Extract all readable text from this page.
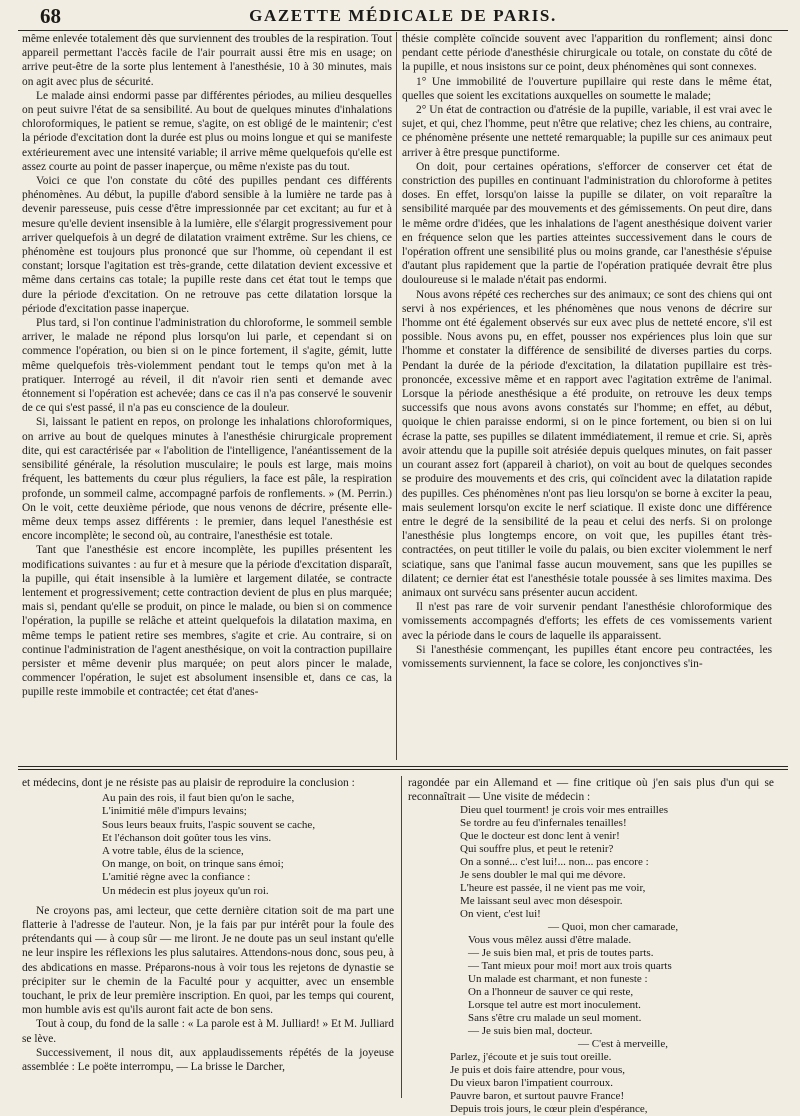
68	GAZETTE MÉDICALE DE PARIS.

même enlevée totalement dès que surviennent des troubles de la respiration. Tout appareil permettant l'accès facile de l'air pourrait aussi être mis en usage; on arrive peut-être de la sorte plus lentement à l'anesthésie, 10 à 30 minutes, mais on agit avec plus de sécurité.

Le malade ainsi endormi passe par différentes périodes, au milieu desquelles on peut suivre l'état de sa sensibilité. Au bout de quelques minutes d'inhalations chloroformiques, le patient se remue, s'agite, on est obligé de le maintenir; c'est la période d'excitation dont la durée est plus ou moins longue et qui se manifeste extérieurement avec une intensité variable; il arrive même quelquefois qu'elle est assez courte au point de passer inaperçue, ou même n'existe pas du tout.

Voici ce que l'on constate du côté des pupilles pendant ces différents phénomènes. Au début, la pupille d'abord sensible à la lumière ne tarde pas à devenir paresseuse, puis cesse d'être impressionnée par cet excitant; au fur et à mesure qu'elle devient insensible à la lumière, elle s'élargit progressivement pour arriver quelquefois à un degré de dilatation vraiment extrême. Sur les chiens, ce phénomène est toujours plus prononcé que sur l'homme, où cependant il est constant; lorsque l'agitation est très-grande, cette dilatation devient excessive et même dans certains cas totale; la pupille reste dans cet état tout le temps que dure la période d'excitation. On ne retrouve pas cette dilatation lorsque la période d'excitation passe inaperçue.

Plus tard, si l'on continue l'administration du chloroforme, le sommeil semble arriver, le malade ne répond plus lorsqu'on lui parle, et cependant si on commence l'opération, ou bien si on le pince fortement, il s'agite, gémit, lutte même quelquefois très-violemment pendant tout le temps qu'on met à la pratiquer. Interrogé au réveil, il dit n'avoir rien senti et demande avec étonnement si l'opération est achevée; dans ce cas il n'a pas conservé le souvenir de ce qui s'est passé, il n'a pas eu conscience de la douleur.

Si, laissant le patient en repos, on prolonge les inhalations chloroformiques, on arrive au bout de quelques minutes à l'anesthésie chirurgicale proprement dite, qui est caractérisée par « l'abolition de l'intelligence, l'anéantissement de la sensibilité générale, la résolution musculaire; le pouls est large, mais moins fréquent, les battements du cœur plus réguliers, la face est pâle, la respiration profonde, un sommeil calme, accompagné parfois de ronflements. » (M. Perrin.) On le voit, cette deuxième période, que nous venons de décrire, présente elle-même deux temps assez différents : le premier, dans lequel l'anesthésie est encore incomplète; le second où, au contraire, l'anesthésie est totale.

Tant que l'anesthésie est encore incomplète, les pupilles présentent les modifications suivantes : au fur et à mesure que la période d'excitation disparaît, la pupille, qui était insensible à la lumière et largement dilatée, se contracte lentement et progressivement; cette contraction devient de plus en plus marquée; mais si, pendant qu'elle se produit, on pince le malade, ou bien si on commence l'opération, la pupille se relâche et atteint quelquefois la dilatation maxima, en même temps le patient retire ses membres, s'agite et crie. Au contraire, si on continue l'administration de l'agent anesthésique, on voit la contraction pupillaire persister et même devenir plus marquée; on peut alors pincer le malade, commencer l'opération, le sujet est absolument insensible et, dans ce cas, la pupille reste immobile et contractée; cet état d'anes-

thésie complète coïncide souvent avec l'apparition du ronflement; ainsi donc pendant cette période d'anesthésie chirurgicale ou totale, on constate du côté de la pupille, et nous insistons sur ce point, deux phénomènes qui sont connexes.

1° Une immobilité de l'ouverture pupillaire qui reste dans le même état, quelles que soient les excitations auxquelles on soumette le malade;

2° Un état de contraction ou d'atrésie de la pupille, variable, il est vrai avec le sujet, et qui, chez l'homme, peut n'être que relative; chez les chiens, au contraire, ce phénomène présente une netteté remarquable; la pupille sur ces animaux peut arriver à être presque punctiforme.

On doit, pour certaines opérations, s'efforcer de conserver cet état de constriction des pupilles en continuant l'administration du chloroforme à petites doses. En effet, lorsqu'on laisse la pupille se dilater, on voit reparaître la sensibilité marquée par des mouvements et des gémissements. On peut dire, dans le même ordre d'idées, que les inhalations de l'agent anesthésique doivent varier en fréquence selon que les parties atteintes successivement dans le cours de l'opération offrent une sensibilité plus ou moins grande, car l'anesthésie s'épuise d'autant plus rapidement que la partie de l'opération pratiquée devrait être plus douloureuse si le malade n'était pas endormi.

Nous avons répété ces recherches sur des animaux; ce sont des chiens qui ont servi à nos expériences, et les phénomènes que nous venons de décrire sur l'homme ont été également observés sur eux avec plus de netteté encore, s'il est possible. Nous avons pu, en effet, pousser nos expériences plus loin que sur l'homme et constater la différence de sensibilité de diverses parties du corps. Pendant la durée de la période d'excitation, la dilatation pupillaire est très-prononcée, excessive même et en rapport avec l'agitation extrême de l'animal. Lorsque la période anesthésique a été produite, on retrouve les deux temps successifs que nous avons avons constatés sur l'homme; en effet, au début, quoique le chien paraisse endormi, si on le pince fortement, ou bien si on lui écrase la patte, ses pupilles se dilatent immédiatement, il remue et crie. Si, après avoir attendu que la pupille soit atrésiée depuis quelques minutes, on fait passer un courant assez fort (appareil à chariot), on voit au bout de quelques secondes se produire des mouvements et des cris, qui coïncident avec la dilatation rapide des pupilles. Ces phénomènes n'ont pas lieu lorsqu'on se borne à exciter la peau, mais seulement lorsqu'on excite le nerf sciatique. Il existe donc une différence entre le degré de la sensibilité de la peau et celui des nerfs. Si on prolonge l'anesthésie plus longtemps encore, on voit que, les pupilles étant très-contractées, on peut titiller le voile du palais, ou bien exciter violemment le nerf sciatique, sans que l'animal fasse aucun mouvement, sans que les pupilles se dilatent; ce dernier état est l'anesthésie totale poussée à ses limites maxima. Des animaux ont survécu sans présenter aucun accident.

Il n'est pas rare de voir survenir pendant l'anesthésie chloroformique des vomissements accompagnés d'efforts; les effets de ces vomissements varient avec la période dans le cours de laquelle ils apparaissent.

Si l'anesthésie commençant, les pupilles étant encore peu contractées, les vomissements surviennent, la face se colore, les conjonctives s'in-

et médecins, dont je ne résiste pas au plaisir de reproduire la conclusion :

Au pain des rois, il faut bien qu'on le sache,
L'inimitié mêle d'impurs levains;
Sous leurs beaux fruits, l'aspic souvent se cache,
Et l'échanson doit goûter tous les vins.
A votre table, élus de la science,
On mange, on boit, on trinque sans émoi;
L'amitié règne avec la confiance :
Un médecin est plus joyeux qu'un roi.

Ne croyons pas, ami lecteur, que cette dernière citation soit de ma part une flatterie à l'adresse de l'auteur. Non, je la fais par pur intérêt pour la foule des prétendants qui — à coup sûr — me liront. Je ne doute pas un seul instant qu'elle ne leur inspire les réflexions les plus salutaires. Attendons-nous donc, sous peu, à des abdications en masse. Préparons-nous à voir tous les rejetons de dynastie se précipiter sur le chemin de la Faculté pour y acquitter, avec un ensemble touchant, le prix de leur première inscription. En quoi, par les temps qui courent, mon humble avis est qu'ils auront fait acte de bon sens.

Tout à coup, du fond de la salle : « La parole est à M. Julliard! » Et M. Julliard se lève.

Successivement, il nous dit, aux applaudissements répétés de la joyeuse assemblée : Le poëte interrompu, — La brisse le Darcher,

ragondée par ein Allemand et — fine critique où j'en sais plus d'un qui se reconnaîtrait — Une visite de médecin :

Dieu quel tourment! je crois voir mes entrailles
Se tordre au feu d'infernales tenailles!
Que le docteur est donc lent à venir!
Qui souffre plus, et peut le retenir?
On a sonné... c'est lui!... non... pas encore :
Je sens doubler le mal qui me dévore.
L'heure est passée, il ne vient pas me voir,
Me laissant seul avec mon désespoir.
On vient, c'est lui!
— Quoi, mon cher camarade,
Vous vous mêlez aussi d'être malade.
— Je suis bien mal, et pris de toutes parts.
— Tant mieux pour moi! mort aux trois quarts
Un malade est charmant, et non funeste :
On a l'honneur de sauver ce qui reste,
Lorsque tel autre est mort inoculement.
Sans s'être cru malade un seul moment.
— Je suis bien mal, docteur.
— C'est à merveille,
Parlez, j'écoute et je suis tout oreille.
Je puis et dois faire attendre, pour vous,
Du vieux baron l'impatient courroux.
Pauvre baron, et surtout pauvre France!
Depuis trois jours, le cœur plein d'espérance,
